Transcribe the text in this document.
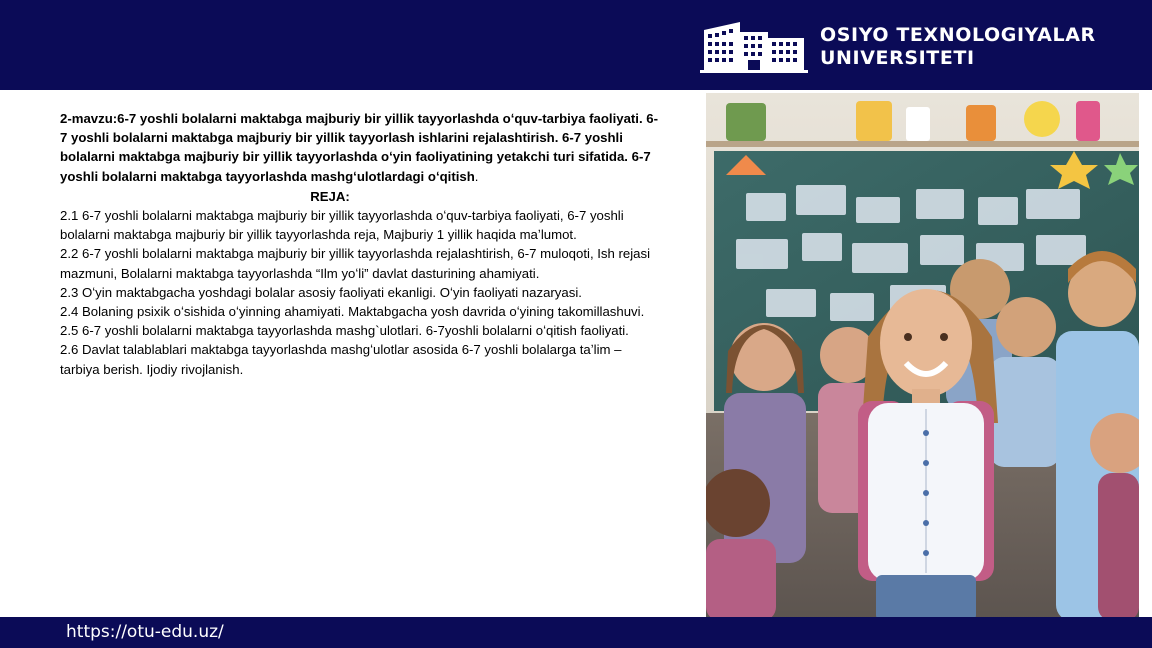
OSIYO TEXNOLOGIYALAR
UNIVERSITETI
2-mavzu:6-7 yoshli bolalarni maktabga majburiy bir yillik tayyorlashda oʻquv-tarbiya faoliyati. 6-7 yoshli bolalarni maktabga majburiy bir yillik tayyorlash ishlarini rejalashtirish. 6-7 yoshli bolalarni maktabga majburiy bir yillik tayyorlashda oʻyin faoliyatining yetakchi turi sifatida. 6-7 yoshli bolalarni maktabga tayyorlashda mashgʻulotlardagi oʻqitish.
REJA:
2.1 6-7 yoshli bolalarni maktabga majburiy bir yillik tayyorlashda oʻquv-tarbiya faoliyati, 6-7 yoshli bolalarni maktabga majburiy bir yillik tayyorlashda reja, Majburiy 1 yillik haqida maʼlumot.
2.2 6-7 yoshli bolalarni maktabga majburiy bir yillik tayyorlashda rejalashtirish, 6-7 muloqoti, Ish rejasi mazmuni, Bolalarni maktabga tayyorlashda “Ilm yoʻli” davlat dasturining ahamiyati.
2.3 Oʻyin maktabgacha yoshdagi bolalar asosiy faoliyati ekanligi. Oʻyin faoliyati nazaryasi.
2.4 Bolaning psixik oʻsishida oʻyinning ahamiyati. Maktabgacha yosh davrida oʻyining takomillashuvi.
2.5 6-7 yoshli bolalarni maktabga tayyorlashda mashg`ulotlari. 6-7yoshli bolalarni oʻqitish faoliyati.
2.6 Davlat talablablari maktabga tayyorlashda mashgʻulotlar asosida 6-7 yoshli bolalarga taʼlim –tarbiya berish. Ijodiy rivojlanish.
https://otu-edu.uz/
